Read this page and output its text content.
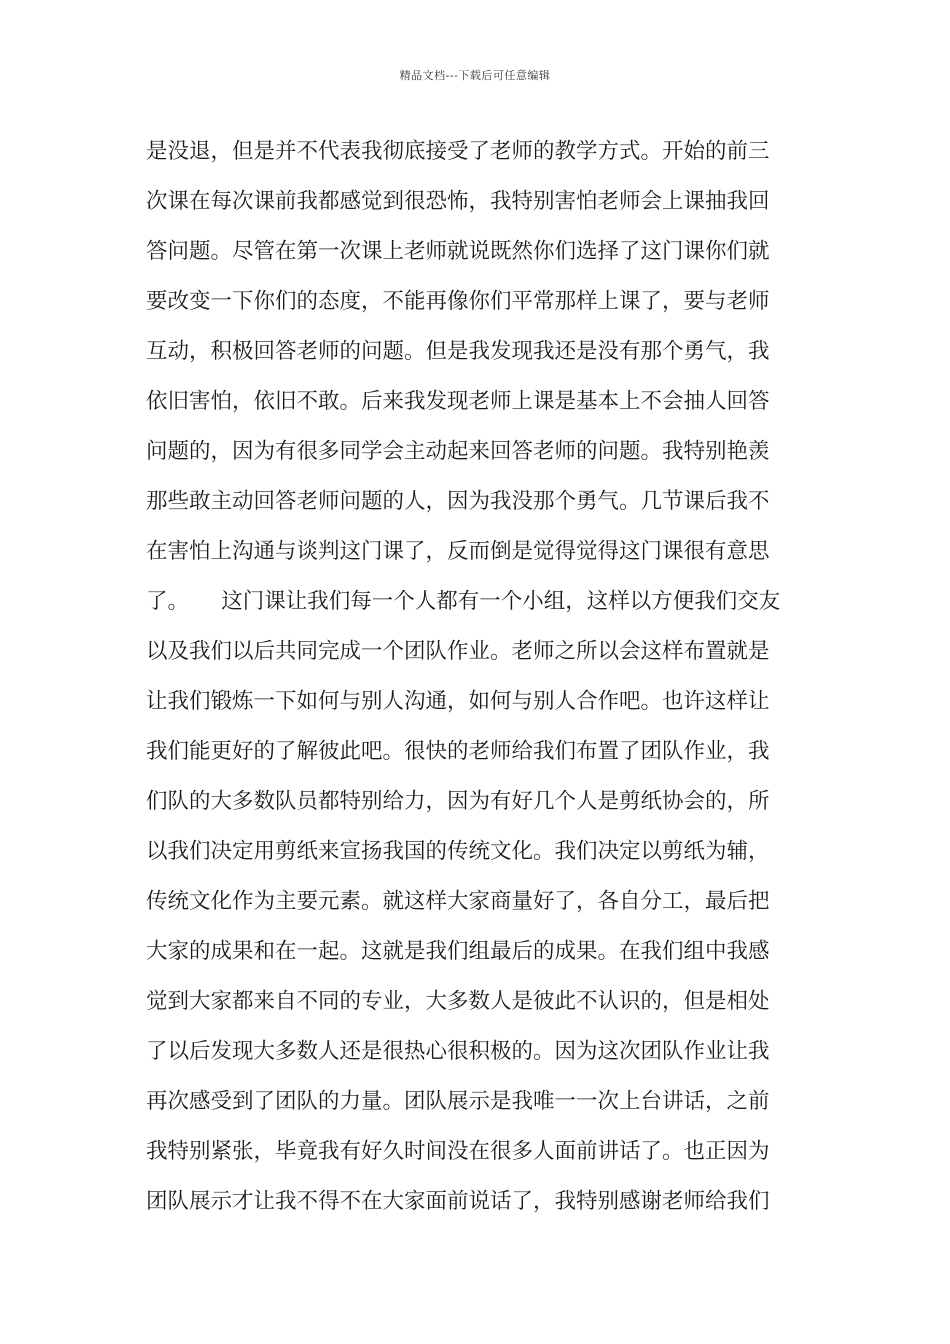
精品文档---下载后可任意编辑
是没退，但是并不代表我彻底接受了老师的教学方式。开始的前三
次课在每次课前我都感觉到很恐怖，我特别害怕老师会上课抽我回
答问题。尽管在第一次课上老师就说既然你们选择了这门课你们就
要改变一下你们的态度，不能再像你们平常那样上课了，要与老师
互动，积极回答老师的问题。但是我发现我还是没有那个勇气，我
依旧害怕，依旧不敢。后来我发现老师上课是基本上不会抽人回答
问题的，因为有很多同学会主动起来回答老师的问题。我特别艳羡
那些敢主动回答老师问题的人，因为我没那个勇气。几节课后我不
在害怕上沟通与谈判这门课了，反而倒是觉得觉得这门课很有意思
了。　　这门课让我们每一个人都有一个小组，这样以方便我们交友
以及我们以后共同完成一个团队作业。老师之所以会这样布置就是
让我们锻炼一下如何与别人沟通，如何与别人合作吧。也许这样让
我们能更好的了解彼此吧。很快的老师给我们布置了团队作业，我
们队的大多数队员都特别给力，因为有好几个人是剪纸协会的，所
以我们决定用剪纸来宣扬我国的传统文化。我们决定以剪纸为辅，
传统文化作为主要元素。就这样大家商量好了，各自分工，最后把
大家的成果和在一起。这就是我们组最后的成果。在我们组中我感
觉到大家都来自不同的专业，大多数人是彼此不认识的，但是相处
了以后发现大多数人还是很热心很积极的。因为这次团队作业让我
再次感受到了团队的力量。团队展示是我唯一一次上台讲话，之前
我特别紧张，毕竟我有好久时间没在很多人面前讲话了。也正因为
团队展示才让我不得不在大家面前说话了，我特别感谢老师给我们
